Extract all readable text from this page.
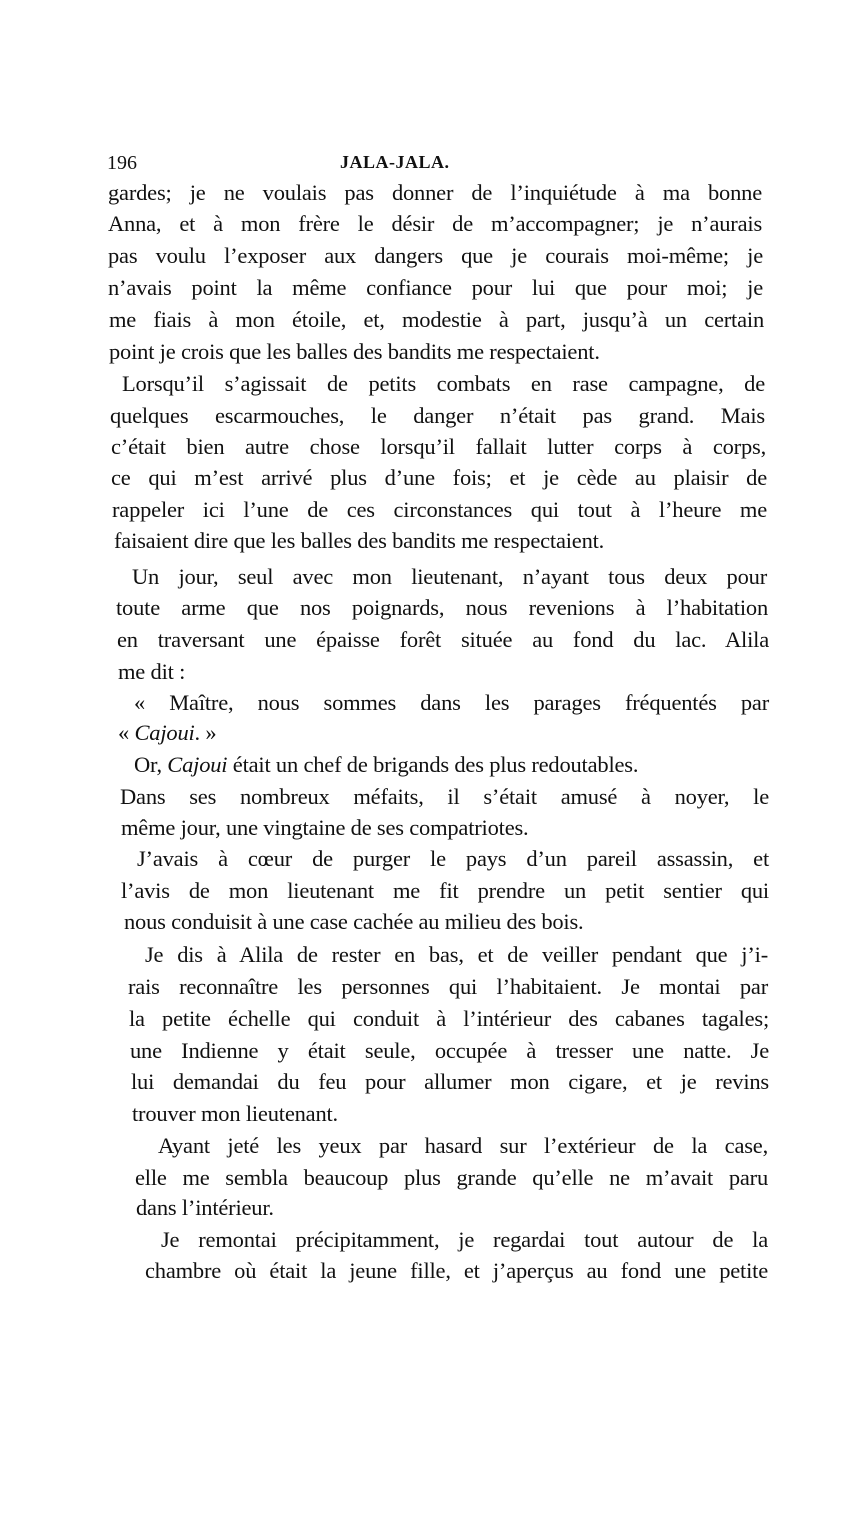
196	JALA-JALA.
gardes; je ne voulais pas donner de l’inquiétude à ma bonne
Anna, et à mon frère le désir de m’accompagner; je n’aurais
pas voulu l’exposer aux dangers que je courais moi-même; je
n’avais point la même confiance pour lui que pour moi; je
me fiais à mon étoile, et, modestie à part, jusqu’à un certain
point je crois que les balles des bandits me respectaient.
Lorsqu’il s’agissait de petits combats en rase campagne, de
quelques escarmouches, le danger n’était pas grand. Mais
c’était bien autre chose lorsqu’il fallait lutter corps à corps,
ce qui m’est arrivé plus d’une fois; et je cède au plaisir de
rappeler ici l’une de ces circonstances qui tout à l’heure me
faisaient dire que les balles des bandits me respectaient.
Un jour, seul avec mon lieutenant, n’ayant tous deux pour
toute arme que nos poignards, nous revenions à l’habitation
en traversant une épaisse forêt située au fond du lac. Alila
me dit :
« Maître, nous sommes dans les parages fréquentés par
« Cajoui. »
Or, Cajoui était un chef de brigands des plus redoutables.
Dans ses nombreux méfaits, il s’était amusé à noyer, le
même jour, une vingtaine de ses compatriotes.
J’avais à cœur de purger le pays d’un pareil assassin, et
l’avis de mon lieutenant me fit prendre un petit sentier qui
nous conduisit à une case cachée au milieu des bois.
Je dis à Alila de rester en bas, et de veiller pendant que j’i-
rais reconnaître les personnes qui l’habitaient. Je montai par
la petite échelle qui conduit à l’intérieur des cabanes tagales;
une Indienne y était seule, occupée à tresser une natte. Je
lui demandai du feu pour allumer mon cigare, et je revins
trouver mon lieutenant.
Ayant jeté les yeux par hasard sur l’extérieur de la case,
elle me sembla beaucoup plus grande qu’elle ne m’avait paru
dans l’intérieur.
Je remontai précipitamment, je regardai tout autour de la
chambre où était la jeune fille, et j’aperçus au fond une petite
